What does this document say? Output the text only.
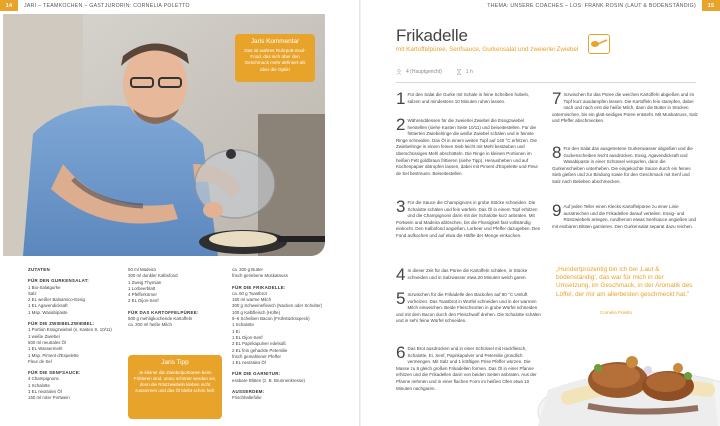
14	JARI – TEAMKOCHEN – GASTJURORIN: CORNELIA POLETTO	THEMA: UNSERE COACHES – LOS: FRANK ROSIN (LAUT & BODENSTÄNDIG)	15
Jaris Kommentar
Das ist wahres Ruhrpott-Soul-Food, das sich über den Geschmack mehr definiert als über die Optik!
ZUTATEN
FÜR DEN GURKENSALAT:
1 Bio-Salatgurke
Salz
2 EL weißer Balsamico-Essig
1 EL Agavendicksaft
1 Msp. Wasabipaste
FÜR DIE ZWIEBELZWIEBEL:
1 Portion Essigzwiebel (s. Kasten S. 10/11)
1 weiße Zwiebel
500 ml neutrales Öl
1 EL Wassermehl
1 Msp. Piment d'Espelette
Fleur de Sel
FÜR DIE SENFSAUCE:
4 Champignons
1 Schalotte
1 EL neutrales Öl
150 ml roter Portwein
50 ml Madeira
300 ml dunkler Kalbsfond
1 Zweig Thymian
1 Lorbeerblatt
4 Pfefferkörner
2 EL Dijon-Senf
FÜR DAS KARTOFFELPÜREE:
500 g mehligkochende Kartoffeln
ca. 200 ml heiße Milch
ca. 200 g Butter
frisch geriebene Muskatnuss
FÜR DIE FRIKADELLE:
ca. 60 g Toastbrot
150 ml warme Milch
300 g Schweinefleisch (Nacken oder Schulter)
100 g Kalbfleisch (Hüfte)
5–6 Scheiben Bacon (Frühstücksspeck)
1 Schalotte
1 Ei
1 EL Dijon-Senf
2 EL Paprikapulver edelsüß
2 EL fein gehackte Petersilie
frisch gemahlener Pfeffer
1 EL neutrales Öl
FÜR DIE GARNITUR:
essbare Blüten (z. B. Brunnenkresse)
AUSSERDEM:
Frischhaltefolie
Jaris Tipp
Je kleiner die Zwiebelportionen beim Frittieren sind, umso schöner werden sie, denn die Röstzwiebeln kleben nicht zusammen und das Öl bleibt schön hell.
Frikadelle
mit Kartoffelpüree, Senfsauce, Gurkensalat und zweierlei Zwiebel
4 (Hauptgericht)	1 h
1 Für den Salat die Gurke mit Schale in feine Scheiben hobeln, salzen und mindestens 10 Minuten ruhen lassen.
2 Währenddessen für die zweierlei Zwiebel die Essigzwiebel herstellen (siehe Kasten Seite 10/11) und beiseitestellen. Für die frittierten Zwiebelringe die weiße Zwiebel schälen und in feinste Ringe schneiden. Das Öl in einem weiten Topf auf 140 °C erhitzen. Die Zwiebelringe in einem feinen Sieb leicht mit Mehl bestäuben und überschüssiges Mehl abschütteln. Die Ringe in kleinen Portionen im heißen Fett goldbraun frittieren (siehe Tipp). Herausheben und auf Küchenpapier abtropfen lassen, dabei mit Piment d'Espelette und Fleur de Sel bestreuen. Beiseitestellen.
3 Für die Sauce die Champignons in grobe Stücke schneiden. Die Schalotte schälen und fein würfeln. Das Öl in einem Topf erhitzen und die Champignons darin mit der Schalotte kurz anbraten. Mit Portwein und Madeira ablöschen, bis die Flüssigkeit fast vollständig einkocht. Den Kalbsfond angießen, Lorbeer und Pfeffer dazugeben. Den Fond aufkochen und auf etwa die Hälfte der Menge einkochen.
4 In dieser Zeit für das Püree die Kartoffeln schälen, in Stücke schneiden und in Salzwasser etwa 20 Minuten weich garen.
5 Inzwischen für die Frikadelle den Backofen auf 80 °C Umluft vorheizen. Das Toastbrot in Würfel schneiden und in der warmen Milch einweichen. Beide Fleischsorten in grobe Würfel schneiden und mit dem Bacon durch den Fleischwolf drehen. Die Schalotte schälen und in sehr feine Würfel schneiden.
6 Das Brot ausdrücken und in einer Schüssel mit Hackfleisch, Schalotte, Ei, Senf, Paprikapulver und Petersilie gründlich vermengen. Mit Salz und 1 kräftigen Prise Pfeffer würzen. Die Masse zu 8 gleich großen Frikadellen formen. Das Öl in einer Pfanne erhitzen und die Frikadellen darin von beiden Seiten anbraten. Aus der Pfanne nehmen und in einer flachen Form im heißen Ofen etwa 10 Minuten nachgaren.
7 Inzwischen für das Püree die weichen Kartoffeln abgießen und im Topf kurz ausdampfen lassen. Die Kartoffeln fein stampfen, dabei nach und nach erst die heiße Milch, dann die Butter in Stücken untermischen, bis ein glatt-seidiges Püree entsteht. Mit Muskatnuss, Salz und Pfeffer abschmecken.
8 Für den Salat das ausgetretene Gurkenwasser abgießen und die Gurkenscheiben leicht ausdrücken. Essig, Agavendicksaft und Wasabipaste in einer Schüssel verquirlen, dann die Gurkenscheiben unterheben. Die eingekochte Sauce durch ein feines Sieb gießen und zur Bindung sowie für den Geschmack mit Senf und Salz nach Belieben abschmecken.
9 Auf jeden Teller einen Klecks Kartoffelpüree zu einer Linie ausstreichen und die Frikadellen darauf verteilen. Essig- und Röstzwiebeln anlegen, rundherum etwas Senfsauce angießen und mit essbaren Blüten garnieren. Den Gurkensalat separat dazu reichen.
„Hundertprozentig bin ich bei ‚Laut & bodenständig', das war für mich in der Umsetzung, im Geschmack, in der Aromatik des Löffel, der mir am allerbesten geschmeckt hat."
Cornelia Poletto
